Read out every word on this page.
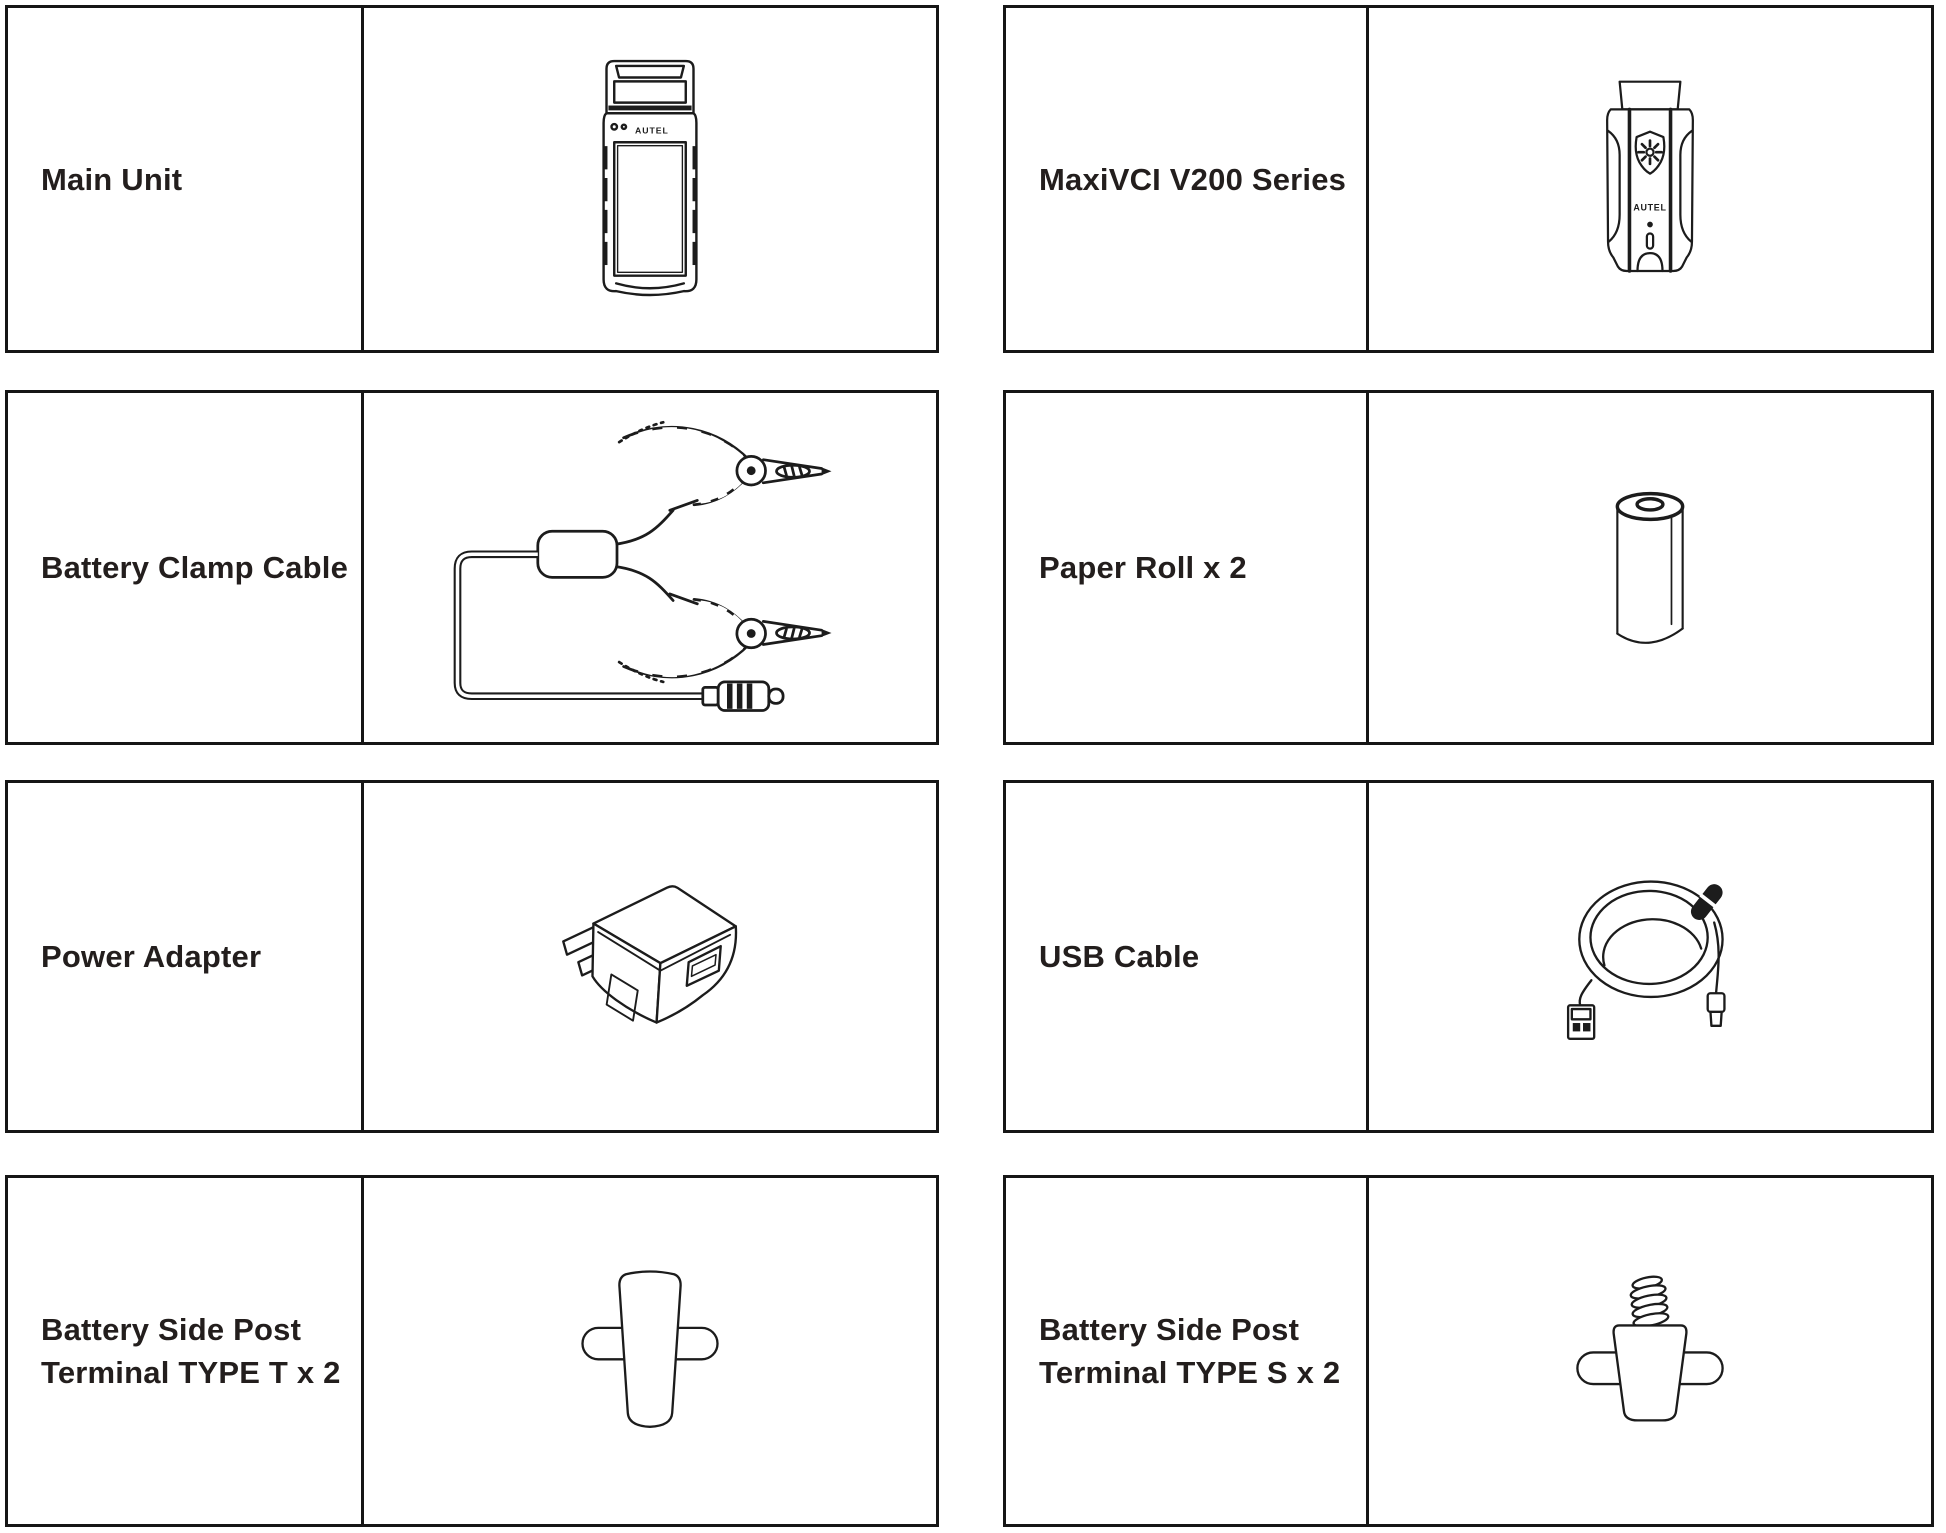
Main Unit
AUTEL
MaxiVCI V200 Series
AUTEL
Battery Clamp Cable	Paper Roll x 2
Power Adapter	USB Cable
Battery Side Post
Terminal TYPE T x 2
Battery Side Post
Terminal TYPE S x 2
